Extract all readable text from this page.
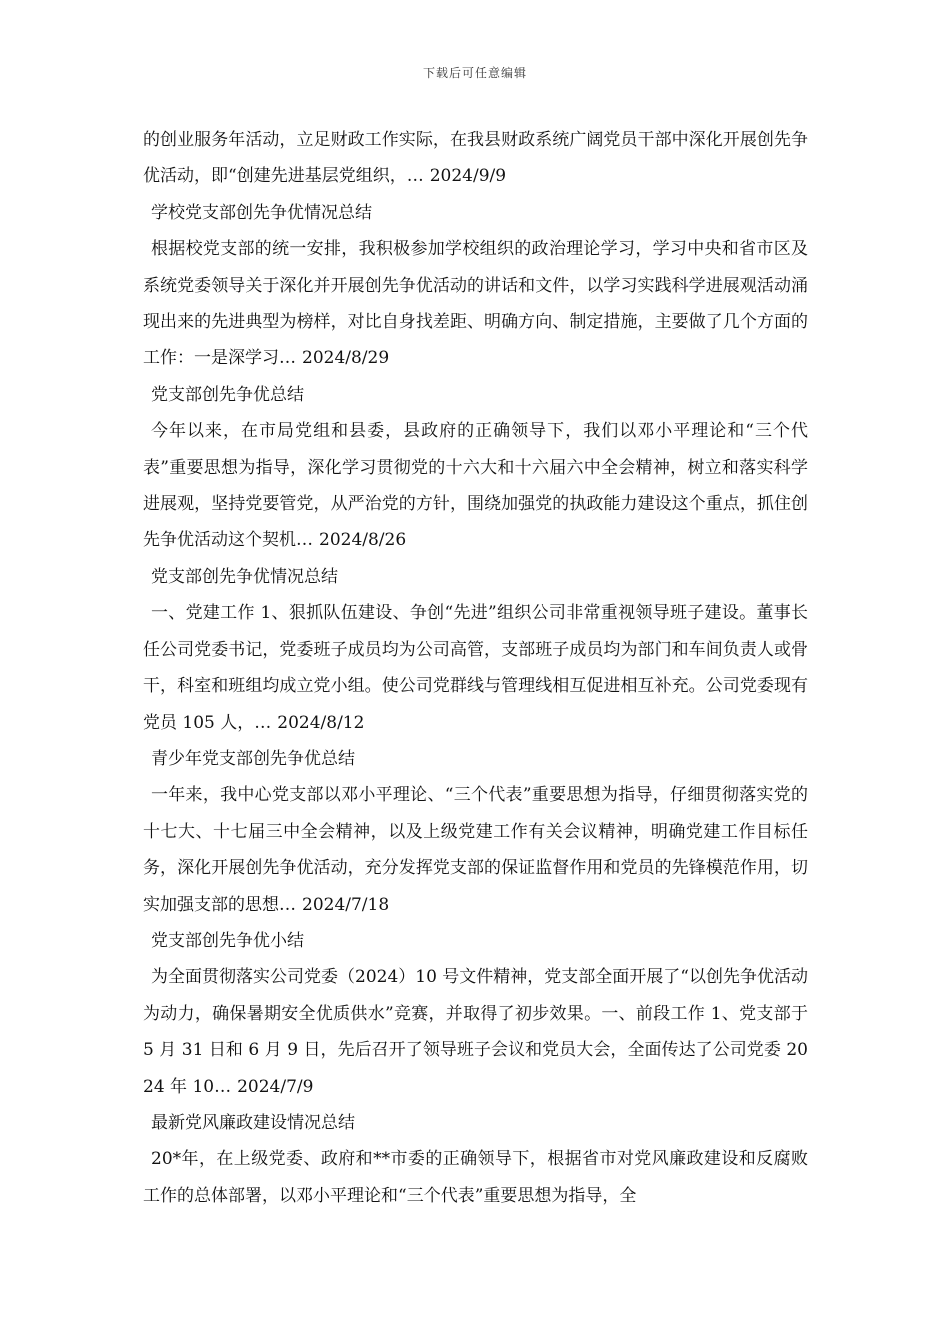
下载后可任意编辑

的创业服务年活动，立足财政工作实际，在我县财政系统广阔党员干部中深化开展创先争优活动，即“创建先进基层党组织，… 2024/9/9

学校党支部创先争优情况总结

根据校党支部的统一安排，我积极参加学校组织的政治理论学习，学习中央和省市区及系统党委领导关于深化并开展创先争优活动的讲话和文件，以学习实践科学进展观活动涌现出来的先进典型为榜样，对比自身找差距、明确方向、制定措施，主要做了几个方面的工作：一是深学习… 2024/8/29

党支部创先争优总结

今年以来，在市局党组和县委，县政府的正确领导下，我们以邓小平理论和“三个代表”重要思想为指导，深化学习贯彻党的十六大和十六届六中全会精神，树立和落实科学进展观，坚持党要管党，从严治党的方针，围绕加强党的执政能力建设这个重点，抓住创先争优活动这个契机… 2024/8/26

党支部创先争优情况总结

一、党建工作 1、狠抓队伍建设、争创“先进”组织公司非常重视领导班子建设。董事长任公司党委书记，党委班子成员均为公司高管，支部班子成员均为部门和车间负责人或骨干，科室和班组均成立党小组。使公司党群线与管理线相互促进相互补充。公司党委现有党员 105 人，… 2024/8/12

青少年党支部创先争优总结

一年来，我中心党支部以邓小平理论、“三个代表”重要思想为指导，仔细贯彻落实党的十七大、十七届三中全会精神，以及上级党建工作有关会议精神，明确党建工作目标任务，深化开展创先争优活动，充分发挥党支部的保证监督作用和党员的先锋模范作用，切实加强支部的思想… 2024/7/18

党支部创先争优小结

为全面贯彻落实公司党委（2024）10 号文件精神，党支部全面开展了“以创先争优活动为动力，确保暑期安全优质供水”竞赛，并取得了初步效果。一、前段工作 1、党支部于 5 月 31 日和 6 月 9 日，先后召开了领导班子会议和党员大会，全面传达了公司党委 2024 年 10… 2024/7/9

最新党风廉政建设情况总结

20*年，在上级党委、政府和**市委的正确领导下，根据省市对党风廉政建设和反腐败工作的总体部署，以邓小平理论和“三个代表”重要思想为指导，全
